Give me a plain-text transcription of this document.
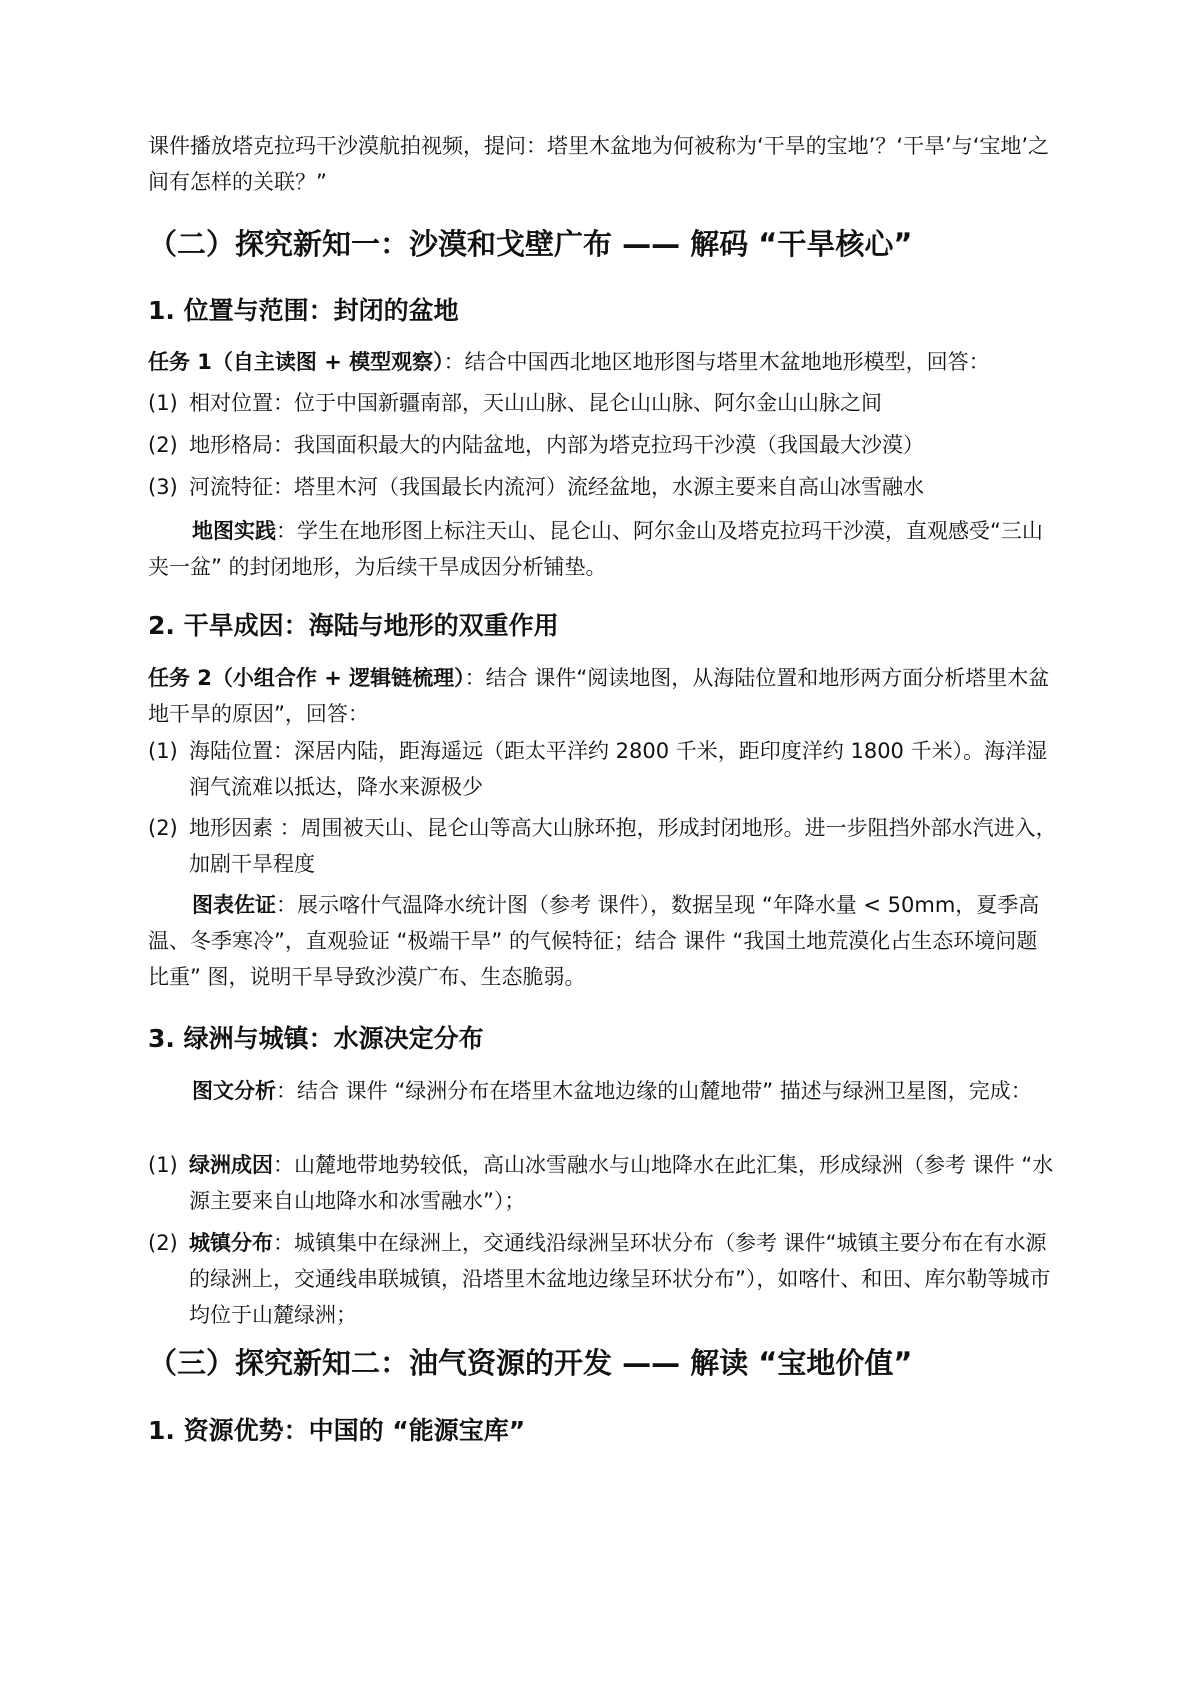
课件播放塔克拉玛干沙漠航拍视频，提问：塔里木盆地为何被称为‘干旱的宝地’？‘干旱’与‘宝地’之间有怎样的关联？”

（二）探究新知一：沙漠和戈壁广布 —— 解码 “干旱核心”
1. 位置与范围：封闭的盆地

任务 1（自主读图 + 模型观察）：结合中国西北地区地形图与塔里木盆地地形模型，回答：

(1) 相对位置：位于中国新疆南部，天山山脉、昆仑山山脉、阿尔金山山脉之间
(2) 地形格局：我国面积最大的内陆盆地，内部为塔克拉玛干沙漠（我国最大沙漠）
(3) 河流特征：塔里木河（我国最长内流河）流经盆地，水源主要来自高山冰雪融水

地图实践：学生在地形图上标注天山、昆仑山、阿尔金山及塔克拉玛干沙漠，直观感受“三山夹一盆” 的封闭地形，为后续干旱成因分析铺垫。

2. 干旱成因：海陆与地形的双重作用

任务 2（小组合作 + 逻辑链梳理）：结合 课件“阅读地图，从海陆位置和地形两方面分析塔里木盆地干旱的原因”，回答：

(1) 海陆位置：深居内陆，距海遥远（距太平洋约 2800 千米，距印度洋约 1800 千米）。海洋湿润气流难以抵达，降水来源极少
(2) 地形因素 ：周围被天山、昆仑山等高大山脉环抱，形成封闭地形。进一步阻挡外部水汽进入，加剧干旱程度

图表佐证：展示喀什气温降水统计图（参考 课件），数据呈现 “年降水量 < 50mm，夏季高温、冬季寒冷”，直观验证 “极端干旱” 的气候特征；结合 课件 “我国土地荒漠化占生态环境问题比重” 图，说明干旱导致沙漠广布、生态脆弱。

3. 绿洲与城镇：水源决定分布

图文分析：结合 课件 “绿洲分布在塔里木盆地边缘的山麓地带” 描述与绿洲卫星图，完成：

(1) 绿洲成因：山麓地带地势较低，高山冰雪融水与山地降水在此汇集，形成绿洲（参考 课件 “水源主要来自山地降水和冰雪融水”）；
(2) 城镇分布：城镇集中在绿洲上，交通线沿绿洲呈环状分布（参考 课件“城镇主要分布在有水源的绿洲上，交通线串联城镇，沿塔里木盆地边缘呈环状分布”），如喀什、和田、库尔勒等城市均位于山麓绿洲；
（三）探究新知二：油气资源的开发 —— 解读 “宝地价值”
1. 资源优势：中国的 “能源宝库”
